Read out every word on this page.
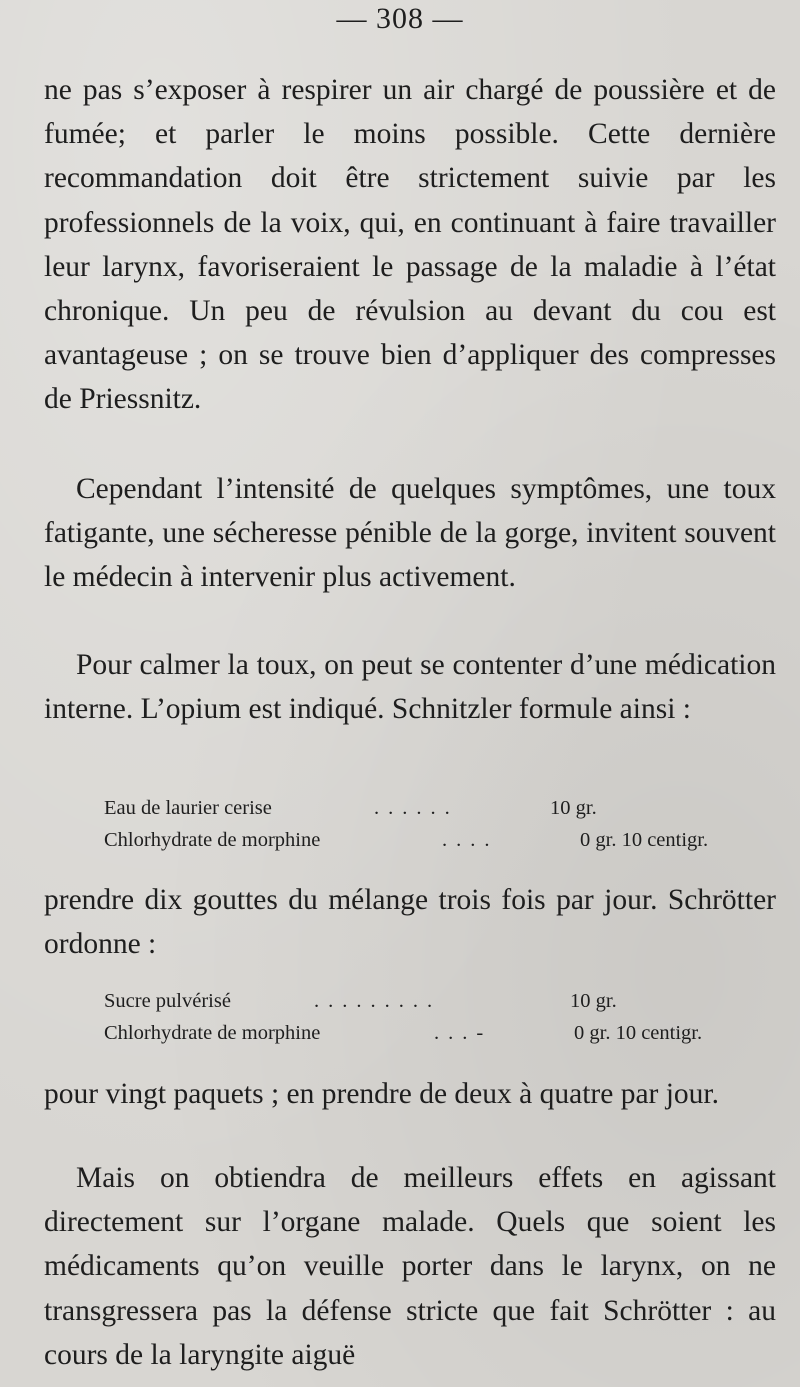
— 308 —
ne pas s’exposer à respirer un air chargé de poussière et de fumée; et parler le moins possible. Cette dernière recommandation doit être strictement suivie par les professionnels de la voix, qui, en continuant à faire travailler leur larynx, favoriseraient le passage de la maladie à l’état chronique. Un peu de révulsion au devant du cou est avantageuse ; on se trouve bien d’appliquer des compresses de Priessnitz.
Cependant l’intensité de quelques symptômes, une toux fatigante, une sécheresse pénible de la gorge, invitent souvent le médecin à intervenir plus activement.
Pour calmer la toux, on peut se contenter d’une médication interne. L’opium est indiqué. Schnitzler formule ainsi :
Eau de laurier cerise	......	10 gr.
Chlorhydrate de morphine	....	0 gr. 10 centigr.
prendre dix gouttes du mélange trois fois par jour. Schrötter ordonne :
Sucre pulvérisé	.........	10 gr.
Chlorhydrate de morphine	...-	0 gr. 10 centigr.
pour vingt paquets ; en prendre de deux à quatre par jour.
Mais on obtiendra de meilleurs effets en agissant directement sur l’organe malade. Quels que soient les médicaments qu’on veuille porter dans le larynx, on ne transgressera pas la défense stricte que fait Schrötter : au cours de la laryngite aiguë
